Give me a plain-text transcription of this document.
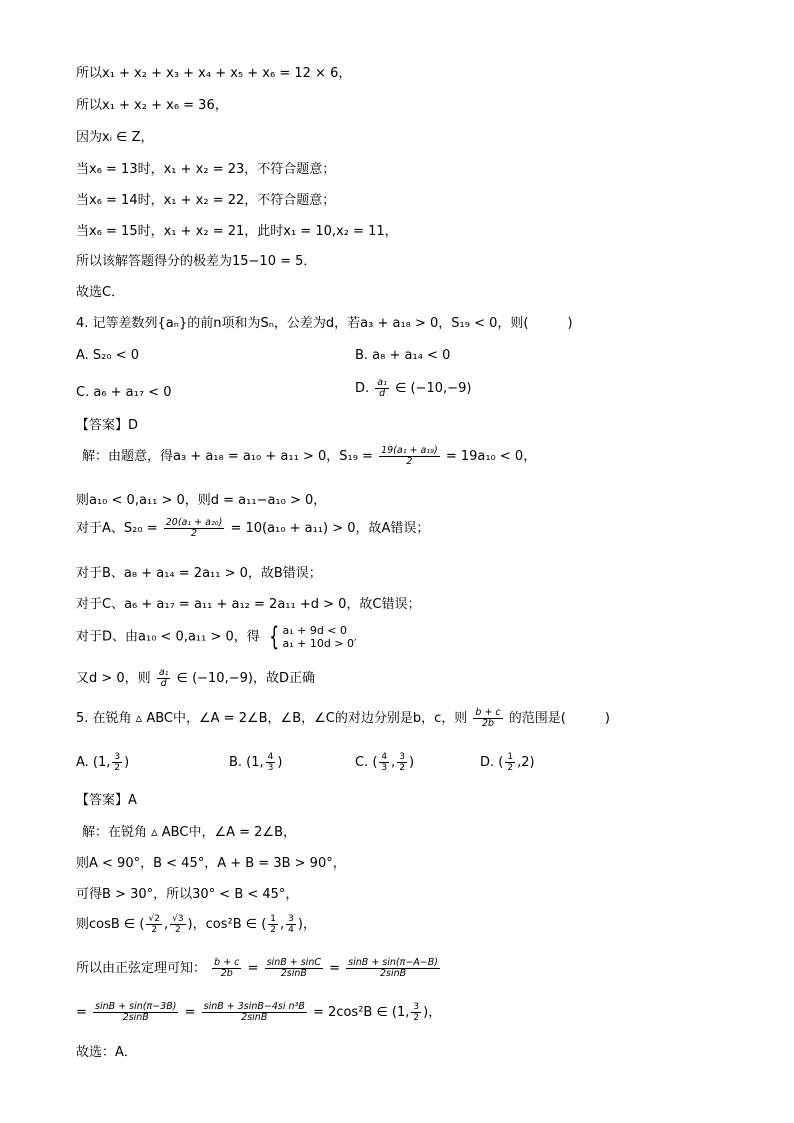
所以x₁ + x₂ + x₃ + x₄ + x₅ + x₆ = 12 × 6，
所以x₁ + x₂ + x₆ = 36，
因为xᵢ ∈ Z，
当x₆ = 13时，x₁ + x₂ = 23，不符合题意；
当x₆ = 14时，x₁ + x₂ = 22，不符合题意；
当x₆ = 15时，x₁ + x₂ = 21，此时x₁ = 10,x₂ = 11，
所以该解答题得分的极差为15−10 = 5．
故选C．
4. 记等差数列{aₙ}的前n项和为Sₙ，公差为d，若a₃ + a₁₈ > 0，S₁₉ < 0，则(　　　)
A. S₂₀ < 0	B. a₈ + a₁₄ < 0
C. a₆ + a₁₇ < 0	D. $\frac{\text{a₁}}{d}$ ∈ (−10,−9)
【答案】D
解：由题意，得a₃ + a₁₈ = a₁₀ + a₁₁ > 0，$S_{19} = \frac{\text{19(a₁ + a₁₉)}}{2} = 19a_{10} < 0$，
则a₁₀ < 0,a₁₁ > 0，则d = a₁₁−a₁₀ > 0，
对于A、$S_{20} = \frac{\text{20(a₁ + a₂₀)}}{2} = 10(a_{10} + a_{11}) > 0$，故A错误；
对于B、a₈ + a₁₄ = 2a₁₁ > 0，故B错误；
对于C、a₆ + a₁₇ = a₁₁ + a₁₂ = 2a₁₁ +d > 0，故C错误；
对于D、由a₁₀ < 0,a₁₁ > 0，得 { a₁ + 9d < 0
a₁ + 10d > 0′
又d > 0，则 $\frac{\text{a₁}}{d}$ ∈ (−10,−9)，故D正确
5. 在锐角 ▵ ABC中，∠A = 2∠B，∠B，∠C的对边分别是b，c，则 $\frac{b + c}{2b}$ 的范围是(　　　)
A. (1, $\frac{3}{2}$ )	B. (1, $\frac{4}{3}$ )	C. ( $\frac{4}{3}$ , $\frac{3}{2}$ )	D. ( $\frac{1}{2} ,2$)
【答案】A
解：在锐角 ▵ ABC中，∠A = 2∠B，
则A < 90°，B < 45°，A + B = 3B > 90°，
可得B > 30°，所以30° < B < 45°，
则cosB ∈ ( $\frac{√2}{2}$ , $\frac{√3}{2}$ )，cos²B ∈ ( $\frac{1}{2}$ , $\frac{3}{4}$ )，
所以由正弦定理可知： $\frac{b + c}{2b} = \frac{\sin B + \sin C}{2\sin B} = \frac{\sin B + \sin(\pi-A-B)}{2\sin B}$
= $\frac{\sin B + \sin(\pi-3B)}{2\sin B} = \frac{\text{sinB + 3sinB−4si n³B}}{2\sin B} = 2\cos^2B$ ∈ (1, $\frac{3}{2}$ )，
故选：A．
